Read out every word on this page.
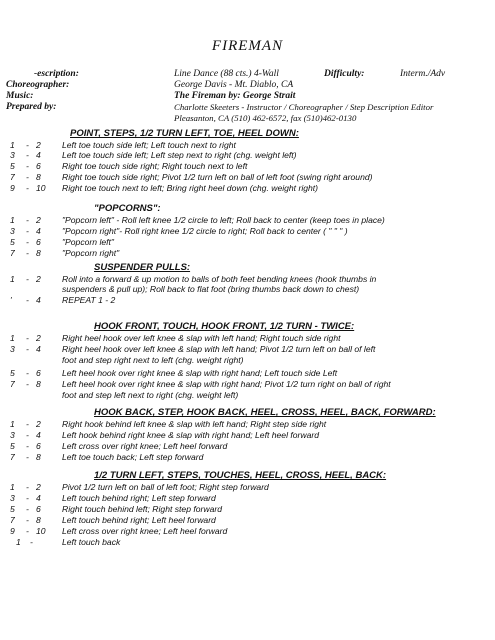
FIREMAN
-escription:	Line Dance (88 cts.) 4-Wall	Difficulty:	Interm./Adv
Choreographer:	George Davis - Mt. Diablo, CA
Music:	The Fireman by: George Strait
Prepared by:	Charlotte Skeeters - Instructor / Choreographer / Step Description Editor
Pleasanton, CA (510) 462-6572, fax (510)462-0130
POINT, STEPS, 1/2 TURN LEFT, TOE, HEEL DOWN:
1 - 2 Left toe touch side left; Left touch next to right
3 - 4 Left toe touch side left; Left step next to right (chg. weight left)
5 - 6 Right toe touch side right; Right touch next to left
7 - 8 Right toe touch side right; Pivot 1/2 turn left on ball of left foot (swing right around)
9 - 10 Right toe touch next to left; Bring right heel down (chg. weight right)
"POPCORNS":
1 - 2 "Popcorn left" - Roll left knee 1/2 circle to left; Roll back to center (keep toes in place)
3 - 4 "Popcorn right"- Roll right knee 1/2 circle to right; Roll back to center ( " " " )
5 - 6 "Popcorn left"
7 - 8 "Popcorn right"
SUSPENDER PULLS:
1 - 2 Roll into a forward & up motion to balls of both feet bending knees (hook thumbs in
suspenders & pull up); Roll back to flat foot (bring thumbs back down to chest)
' - 4 REPEAT 1 - 2
HOOK FRONT, TOUCH, HOOK FRONT, 1/2 TURN - TWICE:
1 - 2 Right heel hook over left knee & slap with left hand; Right touch side right
3 - 4 Right heel hook over left knee & slap with left hand; Pivot 1/2 turn left on ball of left
foot and step right next to left (chg. weight right)
5 - 6 Left heel hook over right knee & slap with right hand; Left touch side Left
7 - 8 Left heel hook over right knee & slap with right hand; Pivot 1/2 turn right on ball of right
foot and step left next to right (chg. weight left)
HOOK BACK, STEP, HOOK BACK, HEEL, CROSS, HEEL, BACK, FORWARD:
1 - 2 Right hook behind left knee & slap with left hand; Right step side right
3 - 4 Left hook behind right knee & slap with right hand; Left heel forward
5 - 6 Left cross over right knee; Left heel forward
7 - 8 Left toe touch back; Left step forward
1/2 TURN LEFT, STEPS, TOUCHES, HEEL, CROSS, HEEL, BACK:
1 - 2 Pivot 1/2 turn left on ball of left foot; Right step forward
3 - 4 Left touch behind right; Left step forward
5 - 6 Right touch behind left; Right step forward
7 - 8 Left touch behind right; Left heel forward
9 - 10 Left cross over right knee; Left heel forward
1 -	Left touch back
